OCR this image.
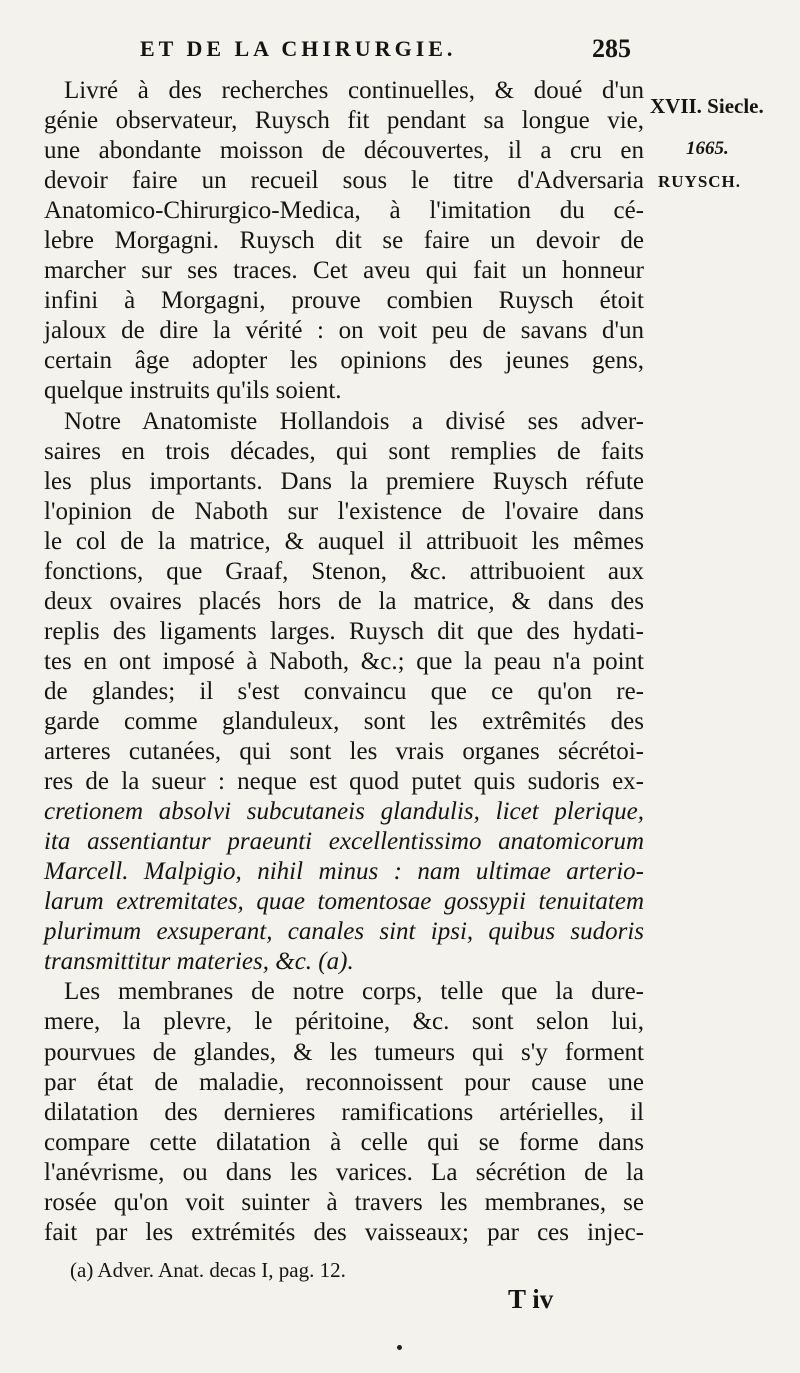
ET DE LA CHIRURGIE.	285
XVII. Siecle.
1665.
RUYSCH.
Livré à des recherches continuelles, & doué d'un
génie observateur, Ruysch fit pendant sa longue vie,
une abondante moisson de découvertes, il a cru en
devoir faire un recueil sous le titre d'Adversaria
Anatomico-Chirurgico-Medica, à l'imitation du cé-
lebre Morgagni. Ruysch dit se faire un devoir de
marcher sur ses traces. Cet aveu qui fait un honneur
infini à Morgagni, prouve combien Ruysch étoit
jaloux de dire la vérité : on voit peu de savans d'un
certain âge adopter les opinions des jeunes gens,
quelque instruits qu'ils soient.
Notre Anatomiste Hollandois a divisé ses adver-
saires en trois décades, qui sont remplies de faits
les plus importants. Dans la premiere Ruysch réfute
l'opinion de Naboth sur l'existence de l'ovaire dans
le col de la matrice, & auquel il attribuoit les mêmes
fonctions, que Graaf, Stenon, &c. attribuoient aux
deux ovaires placés hors de la matrice, & dans des
replis des ligaments larges. Ruysch dit que des hydati-
tes en ont imposé à Naboth, &c.; que la peau n'a point
de glandes; il s'est convaincu que ce qu'on re-
garde comme glanduleux, sont les extrêmités des
arteres cutanées, qui sont les vrais organes sécrétoi-
res de la sueur : neque est quod putet quis sudoris ex-
cretionem absolvi subcutaneis glandulis, licet plerique,
ita assentiantur praeunti excellentissimo anatomicorum
Marcell. Malpigio, nihil minus : nam ultimae arterio-
larum extremitates, quae tomentosae gossypii tenuitatem
plurimum exsuperant, canales sint ipsi, quibus sudoris
transmittitur materies, &c. (a).
Les membranes de notre corps, telle que la dure-
mere, la plevre, le péritoine, &c. sont selon lui,
pourvues de glandes, & les tumeurs qui s'y forment
par état de maladie, reconnoissent pour cause une
dilatation des dernieres ramifications artérielles, il
compare cette dilatation à celle qui se forme dans
l'anévrisme, ou dans les varices. La sécrétion de la
rosée qu'on voit suinter à travers les membranes, se
fait par les extrémités des vaisseaux; par ces injec-
(a) Adver. Anat. decas I, pag. 12.
T iv
